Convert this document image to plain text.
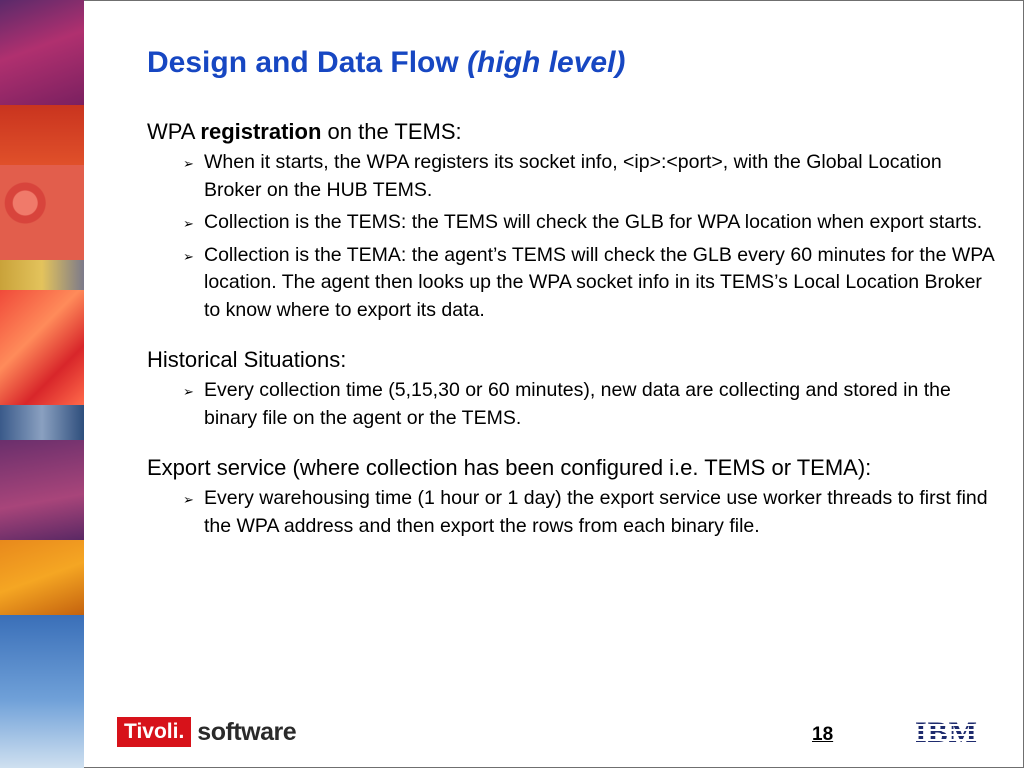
Design and Data Flow (high level)

WPA registration on the TEMS:

➢ When it starts, the WPA registers its socket info, <ip>:<port>, with the Global Location Broker on the HUB TEMS.
➢ Collection is the TEMS: the TEMS will check the GLB for WPA location when export starts.
➢ Collection is the TEMA: the agent’s TEMS will check the GLB every 60 minutes for the WPA location. The agent then looks up the WPA socket info in its TEMS’s Local Location Broker to know where to export its data.

Historical Situations:

➢ Every collection time (5,15,30 or 60 minutes), new data are collecting and stored in the binary file on the agent or the TEMS.

Export service (where collection has been configured i.e. TEMS or TEMA):

➢ Every warehousing time (1 hour or 1 day) the export service use worker threads to first find the WPA address and then export the rows from each binary file.
Tivoli. software	18	IBM
